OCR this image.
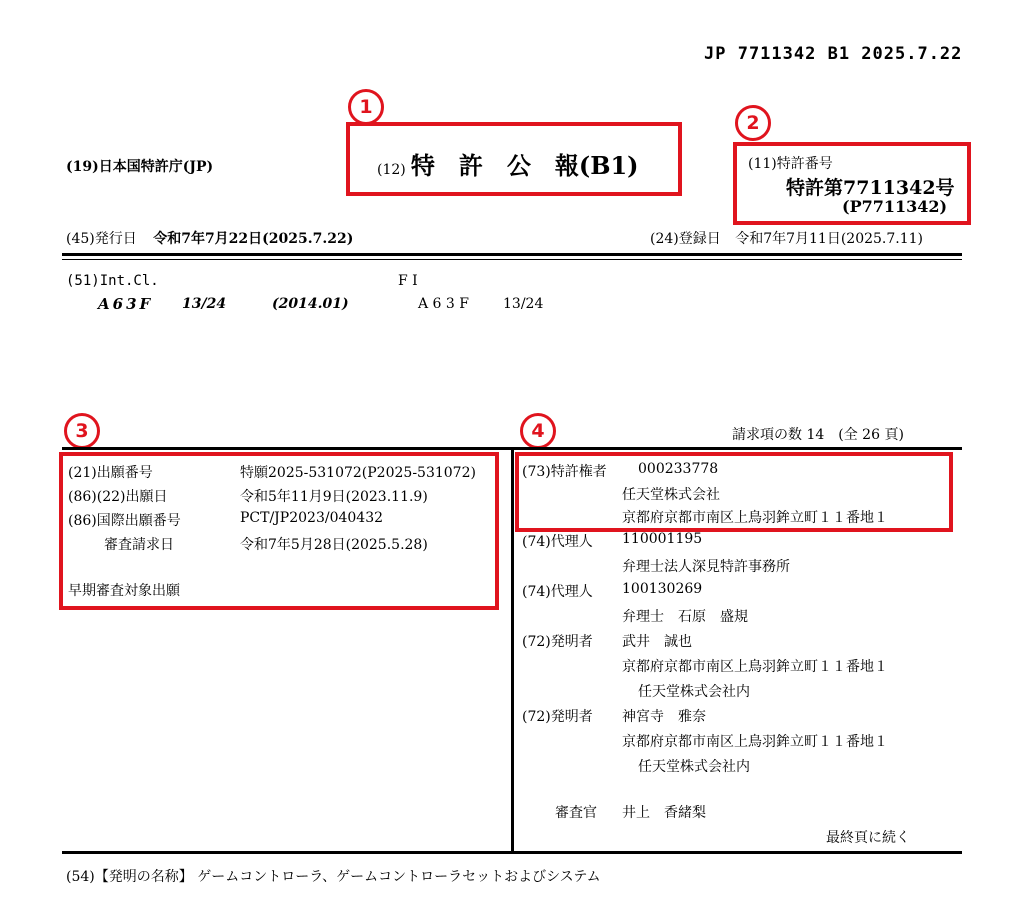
JP 7711342 B1 2025.7.22
(19)日本国特許庁(JP)
1
(12) 特　許　公　報(B1)
2
(11)特許番号
特許第7711342号
(P7711342)
(45)発行日 令和7年7月22日(2025.7.22)	(24)登録日 令和7年7月11日(2025.7.11)
(51)Int.Cl.
A63F 13/24	(2014.01)
F I
A 6 3 F 13/24
請求項の数 14　(全 26 頁)
3	4
(21)出願番号	特願2025-531072(P2025-531072)
(86)(22)出願日	令和5年11月9日(2023.11.9)
(86)国際出願番号	PCT/JP2023/040432
審査請求日	令和7年5月28日(2025.5.28)
早期審査対象出願
(73)特許権者 000233778
任天堂株式会社
京都府京都市南区上鳥羽鉾立町１１番地１
(74)代理人 110001195
弁理士法人深見特許事務所
(74)代理人 100130269
弁理士　石原　盛規
(72)発明者 武井　誠也
京都府京都市南区上鳥羽鉾立町１１番地１
任天堂株式会社内
(72)発明者 神宮寺　雅奈
京都府京都市南区上鳥羽鉾立町１１番地１
任天堂株式会社内
審査官 井上　香緒梨
最終頁に続く
(54)【発明の名称】 ゲームコントローラ、ゲームコントローラセットおよびシステム
